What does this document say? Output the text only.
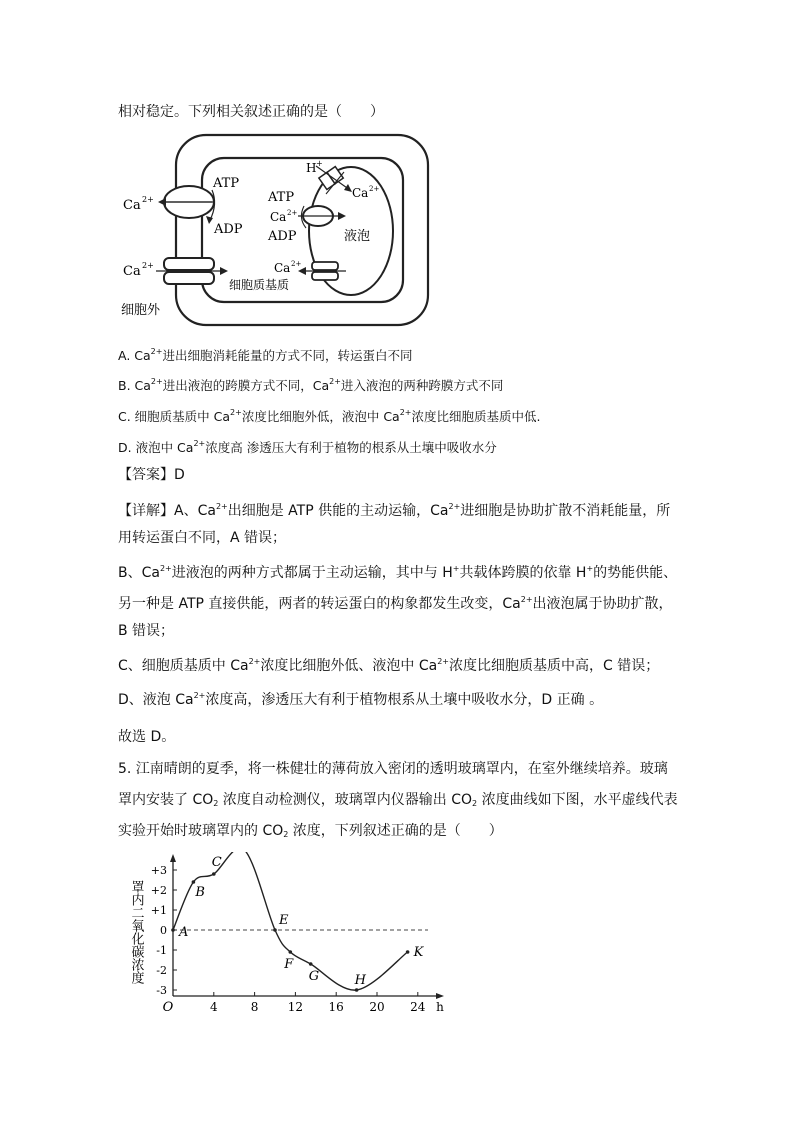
相对稳定。下列相关叙述正确的是（　　）
Ca 2+
ATP
ADP
Ca 2+
细胞外
细胞质基质
H +
Ca 2+
ATP
Ca 2+
ADP	液泡
Ca 2+
A. $Ca^{2+}$进出细胞消耗能量的方式不同，转运蛋白不同
B. $Ca^{2+}$进出液泡的跨膜方式不同，$Ca^{2+}$进入液泡的两种跨膜方式不同
C. 细胞质基质中 $Ca^{2+}$浓度比细胞外低，液泡中 $Ca^{2+}$浓度比细胞质基质中低.
D. 液泡中 $Ca^{2+}$浓度高 渗透压大有利于植物的根系从土壤中吸收水分
【答案】D
【详解】A、$Ca^{2+}$出细胞是 ATP 供能的主动运输，$Ca^{2+}$进细胞是协助扩散不消耗能量，所
用转运蛋白不同，A 错误；
B、$Ca^{2+}$进液泡的两种方式都属于主动运输，其中与 H+共载体跨膜的依靠 H+的势能供能、
另一种是 ATP 直接供能，两者的转运蛋白的构象都发生改变，$Ca^{2+}$出液泡属于协助扩散，
B 错误；
C、细胞质基质中 $Ca^{2+}$浓度比细胞外低、液泡中 $Ca^{2+}$浓度比细胞质基质中高，C 错误；
D、液泡 $Ca^{2+}$浓度高，渗透压大有利于植物根系从土壤中吸收水分，D 正确 。
故选 D。
5. 江南晴朗的夏季，将一株健壮的薄荷放入密闭的透明玻璃罩内，在室外继续培养。玻璃
罩内安装了 $CO_2$ 浓度自动检测仪，玻璃罩内仪器输出 $CO_2$ 浓度曲线如下图，水平虚线代表
实验开始时玻璃罩内的 $CO_2$ 浓度，下列叙述正确的是（　　）
罩内二氧化碳浓度
O	4	8 12 16 20 24 h
+3
+2
+1
0
-1
-2
-3
A
B
C
E
F
G	H
K
